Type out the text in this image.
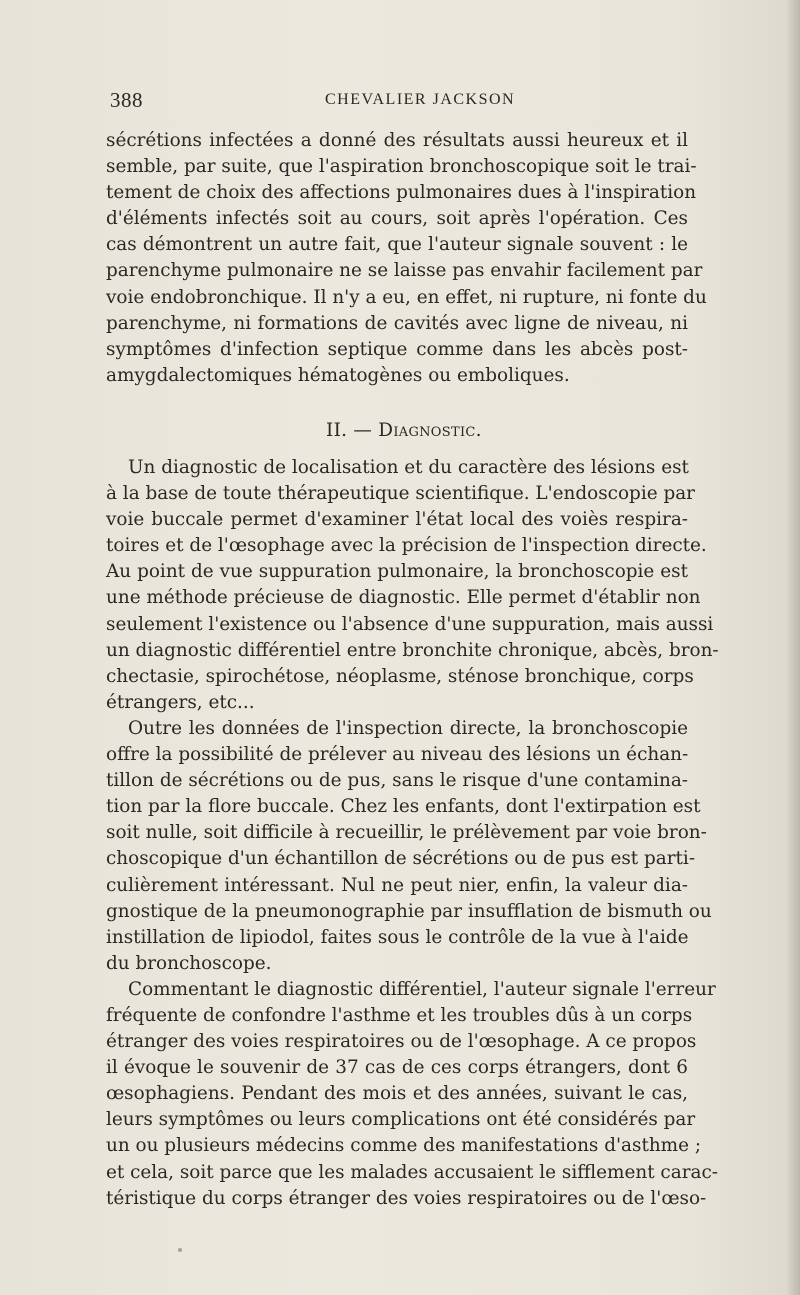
388	CHEVALIER JACKSON
sécrétions infectées a donné des résultats aussi heureux et il
semble, par suite, que l'aspiration bronchoscopique soit le trai-
tement de choix des affections pulmonaires dues à l'inspiration
d'éléments infectés soit au cours, soit après l'opération. Ces
cas démontrent un autre fait, que l'auteur signale souvent : le
parenchyme pulmonaire ne se laisse pas envahir facilement par
voie endobronchique. Il n'y a eu, en effet, ni rupture, ni fonte du
parenchyme, ni formations de cavités avec ligne de niveau, ni
symptômes d'infection septique comme dans les abcès post-
amygdalectomiques hématogènes ou emboliques.
II. — Diagnostic.
Un diagnostic de localisation et du caractère des lésions est
à la base de toute thérapeutique scientifique. L'endoscopie par
voie buccale permet d'examiner l'état local des voiès respira-
toires et de l'œsophage avec la précision de l'inspection directe.
Au point de vue suppuration pulmonaire, la bronchoscopie est
une méthode précieuse de diagnostic. Elle permet d'établir non
seulement l'existence ou l'absence d'une suppuration, mais aussi
un diagnostic différentiel entre bronchite chronique, abcès, bron-
chectasie, spirochétose, néoplasme, sténose bronchique, corps
étrangers, etc...
Outre les données de l'inspection directe, la bronchoscopie
offre la possibilité de prélever au niveau des lésions un échan-
tillon de sécrétions ou de pus, sans le risque d'une contamina-
tion par la flore buccale. Chez les enfants, dont l'extirpation est
soit nulle, soit difficile à recueillir, le prélèvement par voie bron-
choscopique d'un échantillon de sécrétions ou de pus est parti-
culièrement intéressant. Nul ne peut nier, enfin, la valeur dia-
gnostique de la pneumonographie par insufflation de bismuth ou
instillation de lipiodol, faites sous le contrôle de la vue à l'aide
du bronchoscope.
Commentant le diagnostic différentiel, l'auteur signale l'erreur
fréquente de confondre l'asthme et les troubles dûs à un corps
étranger des voies respiratoires ou de l'œsophage. A ce propos
il évoque le souvenir de 37 cas de ces corps étrangers, dont 6
œsophagiens. Pendant des mois et des années, suivant le cas,
leurs symptômes ou leurs complications ont été considérés par
un ou plusieurs médecins comme des manifestations d'asthme ;
et cela, soit parce que les malades accusaient le sifflement carac-
téristique du corps étranger des voies respiratoires ou de l'œso-
